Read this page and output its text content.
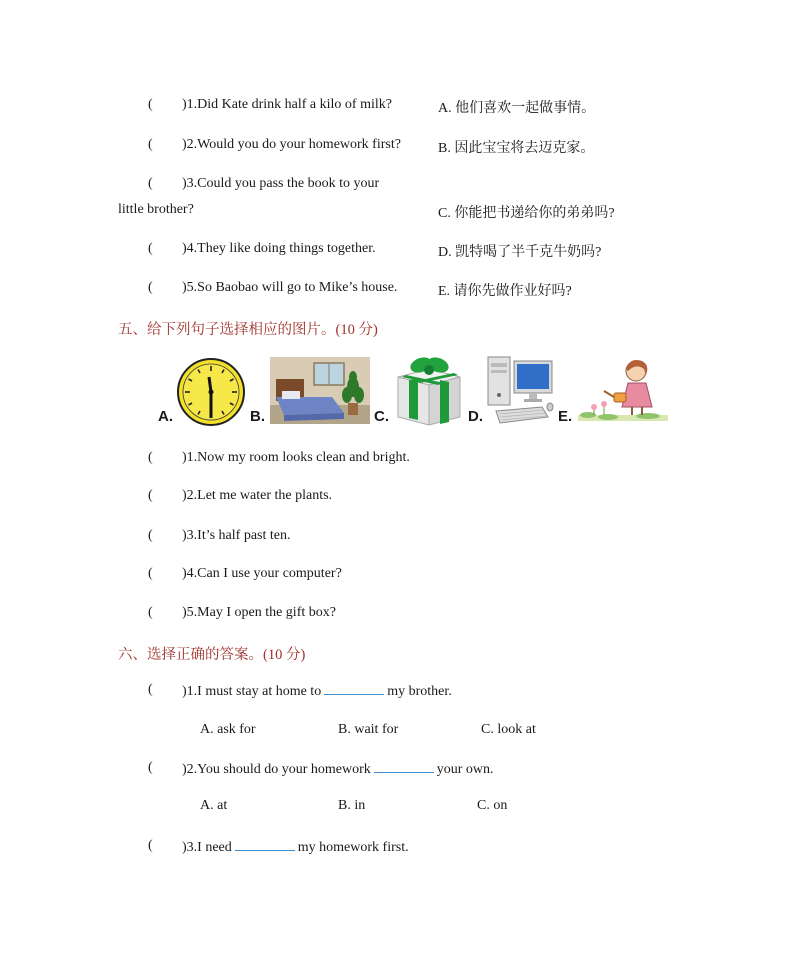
( )1.Did Kate drink half a kilo of milk?	A. 他们喜欢一起做事情。
( )2.Would you do your homework first?	B. 因此宝宝将去迈克家。
( )3.Could you pass the book to your
little brother?	C. 你能把书递给你的弟弟吗?
( )4.They like doing things together.	D. 凯特喝了半千克牛奶吗?
( )5.So Baobao will go to Mike’s house.	E. 请你先做作业好吗?
五、给下列句子选择相应的图片。(10 分)
A.	B.	C.	D.	E.
( )1.Now my room looks clean and bright.
( )2.Let me water the plants.
( )3.It’s half past ten.
( )4.Can I use your computer?
( )5.May I open the gift box?
六、选择正确的答案。(10 分)
( )1.I must stay at home to	my brother.
A. ask for	B. wait for	C. look at
( )2.You should do your homework	your own.
A. at	B. in	C. on
( )3.I need	my homework first.
